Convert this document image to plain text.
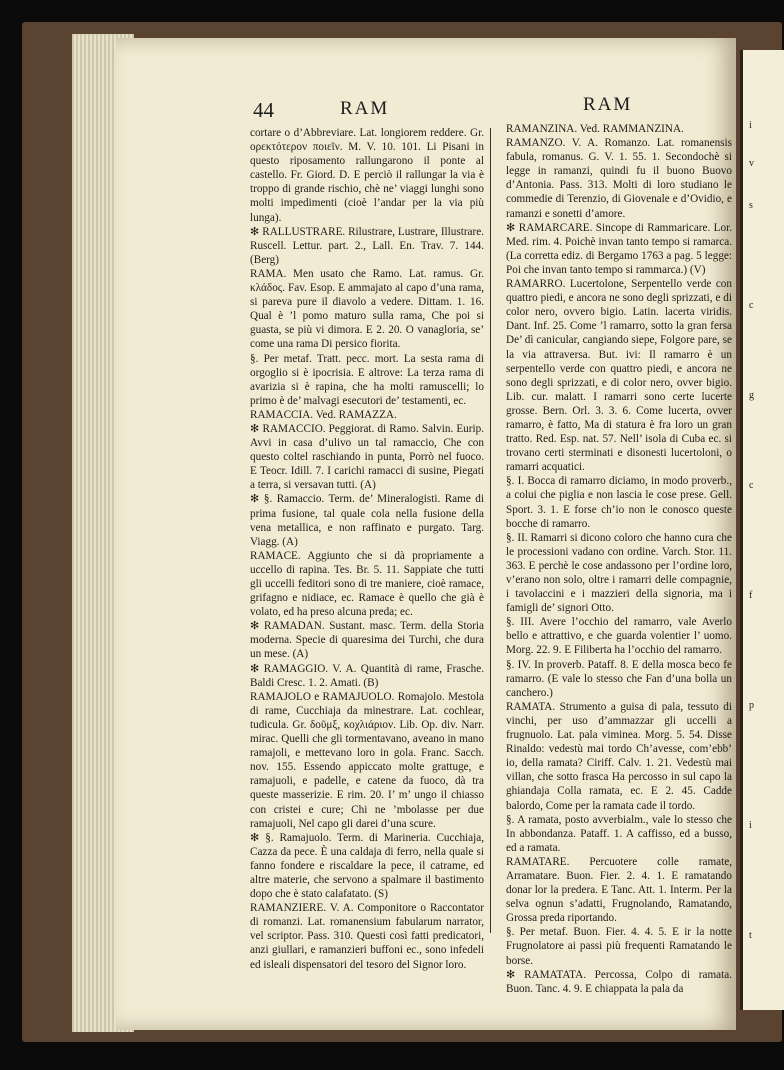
i
v
s
c
g
c
f
p
i
t
44	RAM	RAM

cortare o d’Abbreviare. Lat. longiorem reddere. Gr. ορεκτότερον ποιεῖν. M. V. 10. 101. Li Pisani in questo riposamento rallungarono il ponte al castello. Fr. Giord. D. E perciò il rallungar la via è troppo di grande rischio, chè ne’ viaggi lunghi sono molti impedimenti (cioè l’andar per la via più lunga).

✻ RALLUSTRARE. Rilustrare, Lustrare, Illustrare. Ruscell. Lettur. part. 2., Lall. En. Trav. 7. 144. (Berg)

RAMA. Men usato che Ramo. Lat. ramus. Gr. κλάδος. Fav. Esop. E ammajato al capo d’una rama, si pareva pure il diavolo a vedere. Dittam. 1. 16. Qual è ’l pomo maturo sulla rama, Che poi si guasta, se più vi dimora. E 2. 20. O vanagloria, se’ come una rama Di persico fiorita.

§. Per metaf. Tratt. pecc. mort. La sesta rama di orgoglio si è ipocrisia. E altrove: La terza rama di avarizia si è rapina, che ha molti ramuscelli; lo primo è de’ malvagi esecutori de’ testamenti, ec.

RAMACCIA. Ved. RAMAZZA.

✻ RAMACCIO. Peggiorat. di Ramo. Salvin. Eurip. Avvi in casa d’ulivo un tal ramaccio, Che con questo coltel raschiando in punta, Porrò nel fuoco. E Teocr. Idill. 7. I carichi ramacci di susine, Piegati a terra, si versavan tutti. (A)

✻ §. Ramaccio. Term. de’ Mineralogisti. Rame di prima fusione, tal quale cola nella fusione della vena metallica, e non raffinato e purgato. Targ. Viagg. (A)

RAMACE. Aggiunto che si dà propriamente a uccello di rapina. Tes. Br. 5. 11. Sappiate che tutti gli uccelli feditori sono di tre maniere, cioè ramace, grifagno e nidiace, ec. Ramace è quello che già è volato, ed ha preso alcuna preda; ec.

✻ RAMADAN. Sustant. masc. Term. della Storia moderna. Specie di quaresima dei Turchi, che dura un mese. (A)

✻ RAMAGGIO. V. A. Quantità di rame, Frasche. Baldi Cresc. 1. 2. Amati. (B)

RAMAJOLO e RAMAJUOLO. Romajolo. Mestola di rame, Cucchiaja da minestrare. Lat. cochlear, tudicula. Gr. δοῦμξ, κοχλιάριον. Lib. Op. div. Narr. mirac. Quelli che gli tormentavano, aveano in mano ramajoli, e mettevano loro in gola. Franc. Sacch. nov. 155. Essendo appiccato molte grattuge, e ramajuoli, e padelle, e catene da fuoco, dà tra queste masserizie. E rim. 20. I’ m’ ungo il chiasso con cristei e cure; Chi ne ’mbolasse per due ramajuoli, Nel capo gli darei d’una scure.

✻ §. Ramajuolo. Term. di Marineria. Cucchiaja, Cazza da pece. È una caldaja di ferro, nella quale si fanno fondere e riscaldare la pece, il catrame, ed altre materie, che servono a spalmare il bastimento dopo che è stato calafatato. (S)

RAMANZIERE. V. A. Componitore o Raccontator di romanzi. Lat. romanensium fabularum narrator, vel scriptor. Pass. 310. Questi così fatti predicatori, anzi giullari, e ramanzieri buffoni ec., sono infedeli ed isleali dispensatori del tesoro del Signor loro.

RAMANZINA. Ved. RAMMANZINA.

RAMANZO. V. A. Romanzo. Lat. romanensis fabula, romanus. G. V. 1. 55. 1. Secondochè si legge in ramanzi, quindi fu il buono Buovo d’Antonia. Pass. 313. Molti di loro studiano le commedie di Terenzio, di Giovenale e d’Ovidio, e ramanzi e sonetti d’amore.

✻ RAMARCARE. Sincope di Rammaricare. Lor. Med. rim. 4. Poichè invan tanto tempo si ramarca. (La corretta ediz. di Bergamo 1763 a pag. 5 legge: Poi che invan tanto tempo si rammarca.) (V)

RAMARRO. Lucertolone, Serpentello verde con quattro piedi, e ancora ne sono degli sprizzati, e di color nero, ovvero bigio. Latin. lacerta viridis. Dant. Inf. 25. Come ’l ramarro, sotto la gran fersa De’ dì canicular, cangiando siepe, Folgore pare, se la via attraversa. But. ivi: Il ramarro è un serpentello verde con quattro piedi, e ancora ne sono degli sprizzati, e di color nero, ovver bigio. Lib. cur. malatt. I ramarri sono certe lucerte grosse. Bern. Orl. 3. 3. 6. Come lucerta, ovver ramarro, è fatto, Ma di statura è fra loro un gran tratto. Red. Esp. nat. 57. Nell’ isola di Cuba ec. si trovano certi sterminati e disonesti lucertoloni, o ramarri acquatici.

§. I. Bocca di ramarro diciamo, in modo proverb., a colui che piglia e non lascia le cose prese. Gell. Sport. 3. 1. E forse ch’io non le conosco queste bocche di ramarro.

§. II. Ramarri si dicono coloro che hanno cura che le processioni vadano con ordine. Varch. Stor. 11. 363. E perchè le cose andassono per l’ordine loro, v’erano non solo, oltre i ramarri delle compagnie, i tavolaccini e i mazzieri della signoria, ma i famigli de’ signori Otto.

§. III. Avere l’occhio del ramarro, vale Averlo bello e attrattivo, e che guarda volentier l’ uomo. Morg. 22. 9. E Filiberta ha l’occhio del ramarro.

§. IV. In proverb. Pataff. 8. E della mosca beco fe ramarro. (E vale lo stesso che Fan d’una bolla un canchero.)

RAMATA. Strumento a guisa di pala, tessuto di vinchi, per uso d’ammazzar gli uccelli a frugnuolo. Lat. pala viminea. Morg. 5. 54. Disse Rinaldo: vedestù mai tordo Ch’avesse, com’ebb’ io, della ramata? Ciriff. Calv. 1. 21. Vedestù mai villan, che sotto frasca Ha percosso in sul capo la ghiandaja Colla ramata, ec. E 2. 45. Cadde balordo, Come per la ramata cade il tordo.

§. A ramata, posto avverbialm., vale lo stesso che In abbondanza. Pataff. 1. A caffisso, ed a busso, ed a ramata.

RAMATARE. Percuotere colle ramate, Arramatare. Buon. Fier. 2. 4. 1. E ramatando donar lor la predera. E Tanc. Att. 1. Interm. Per la selva ognun s’adatti, Frugnolando, Ramatando, Grossa preda riportando.

§. Per metaf. Buon. Fier. 4. 4. 5. E ir la notte Frugnolatore ai passi più frequenti Ramatando le borse.

✻ RAMATATA. Percossa, Colpo di ramata. Buon. Tanc. 4. 9. E chiappata la pala da
